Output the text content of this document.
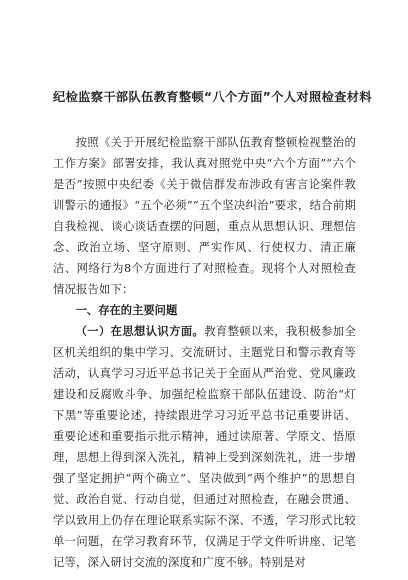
纪检监察干部队伍教育整顿“八个方面”个人对照检查材料

按照《关于开展纪检监察干部队伍教育整顿检视整治的工作方案》部署安排，我认真对照党中央“六个方面”“六个是否”按照中央纪委《关于微信群发布涉政有害言论案件教训警示的通报》“五个必须”“五个坚决纠治”要求，结合前期自我检视、谈心谈话查摆的问题，重点从思想认识、理想信念、政治立场、坚守原则、严实作风、行使权力、清正廉洁、网络行为8个方面进行了对照检查。现将个人对照检查情况报告如下：

一、存在的主要问题

（一）在思想认识方面。教育整顿以来，我积极参加全区机关组织的集中学习、交流研讨、主题党日和警示教育等活动，认真学习习近平总书记关于全面从严治党、党风廉政建设和反腐败斗争、加强纪检监察干部队伍建设、防治“灯下黑”等重要论述，持续跟进学习习近平总书记重要讲话、重要论述和重要指示批示精神，通过读原著、学原文、悟原理，思想上得到深入洗礼，精神上受到深刻洗礼，进一步增强了坚定拥护“两个确立”、坚决做到“两个维护”的思想自觉、政治自觉、行动自觉，但通过对照检查，在融会贯通、学以致用上仍存在理论联系实际不深、不透，学习形式比较单一问题，在学习教育环节，仅满足于学文件听讲座、记笔记等，深入研讨交流的深度和广度不够。特别是对
